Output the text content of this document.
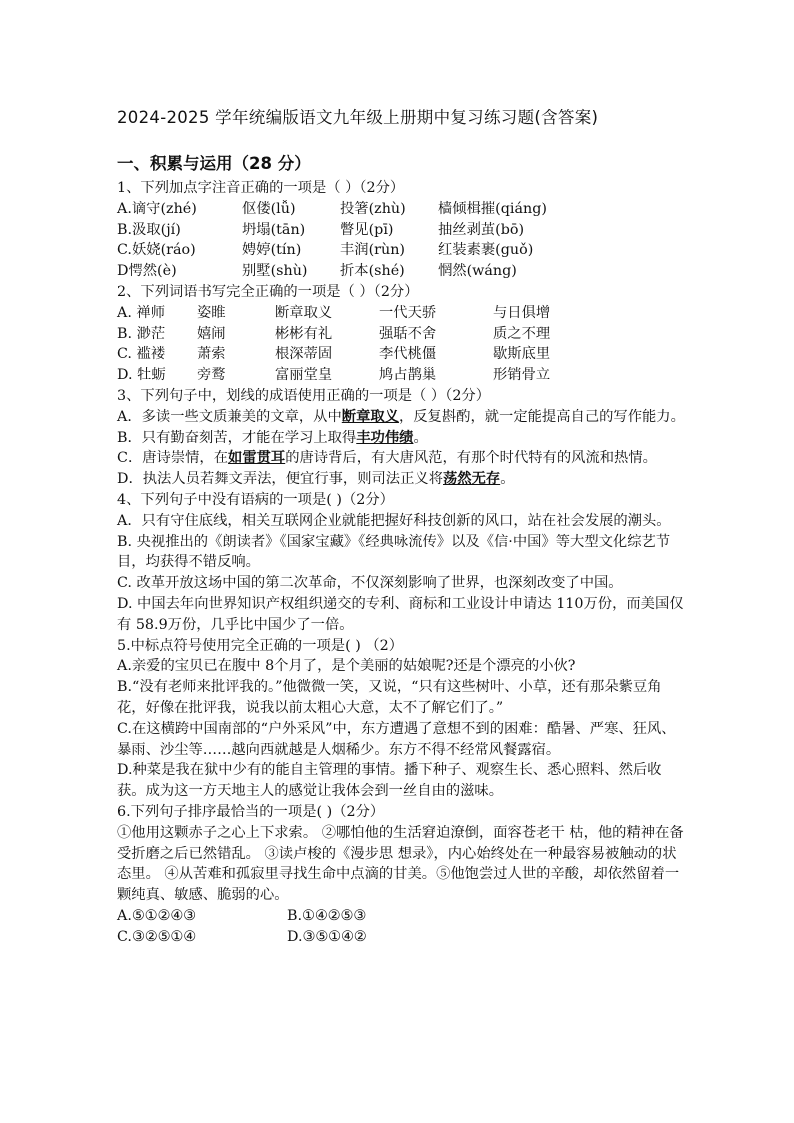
2024-2025 学年统编版语文九年级上册期中复习练习题(含答案)
一、积累与运用（28 分）
1、下列加点字注音正确的一项是（ ）（2分）
A.谪守(zhé)	伛偻(lǚ)	投箸(zhù) 樯倾楫摧(qiáng)
B.汲取(jí)	坍塌(tān) 瞥见(pī)	抽丝剥茧(bō)
C.妖娆(ráo)	娉婷(tín)	丰润(rùn) 红装素裹(guǒ)
D愕然(è)	别墅(shù) 折本(shé) 惘然(wáng)
2、下列词语书写完全正确的一项是（ ）（2分）
A. 禅师 姿睢	断章取义	一代天骄	与日俱增
B. 渺茫 嬉闹	彬彬有礼	强聒不舍	质之不理
C. 褴褛 萧索	根深蒂固	李代桃僵	歇斯底里
D. 牡蛎 旁鹜	富丽堂皇	鸠占鹊巢	形销骨立
3、下列句子中，划线的成语使用正确的一项是（ ）（2分）
A．多读一些文质兼美的文章，从中断章取义，反复斟酌，就一定能提高自己的写作能力。
B．只有勤奋刻苦，才能在学习上取得丰功伟绩。
C．唐诗崇情，在如雷贯耳的唐诗背后，有大唐风范，有那个时代特有的风流和热情。
D．执法人员若舞文弄法，便宜行事，则司法正义将荡然无存。
4、下列句子中没有语病的一项是( )（2分）
A．只有守住底线，相关互联网企业就能把握好科技创新的风口，站在社会发展的潮头。
B. 央视推出的《朗读者》《国家宝藏》《经典咏流传》以及《信·中国》等大型文化综艺节目，均获得不错反响。
C. 改革开放这场中国的第二次革命，不仅深刻影响了世界，也深刻改变了中国。
D. 中国去年向世界知识产权组织递交的专利、商标和工业设计申请达 110万份，而美国仅有 58.9万份，几乎比中国少了一倍。
5.中标点符号使用完全正确的一项是( ) （2）
A.亲爱的宝贝已在腹中 8个月了，是个美丽的姑娘呢?还是个漂亮的小伙?
B.“没有老师来批评我的。”他微微一笑，又说，“只有这些树叶、小草，还有那朵紫豆角花，好像在批评我，说我以前太粗心大意，太不了解它们了。”
C.在这横跨中国南部的“户外采风”中，东方遭遇了意想不到的困难：酷暑、严寒、狂风、暴雨、沙尘等……越向西就越是人烟稀少。东方不得不经常风餐露宿。
D.种菜是我在狱中少有的能自主管理的事情。播下种子、观察生长、悉心照料、然后收获。成为这一方天地主人的感觉让我体会到一丝自由的滋味。
6.下列句子排序最恰当的一项是( )（2分）
①他用这颗赤子之心上下求索。 ②哪怕他的生活窘迫潦倒，面容苍老干 枯，他的精神在备受折磨之后已然错乱。 ③读卢梭的《漫步思 想录》，内心始终处在一种最容易被触动的状态里。 ④从苦难和孤寂里寻找生命中点滴的甘美。⑤他饱尝过人世的辛酸，却依然留着一颗纯真、敏感、脆弱的心。
A.⑤①②④③	B.①④②⑤③
C.③②⑤①④	D.③⑤①④②
